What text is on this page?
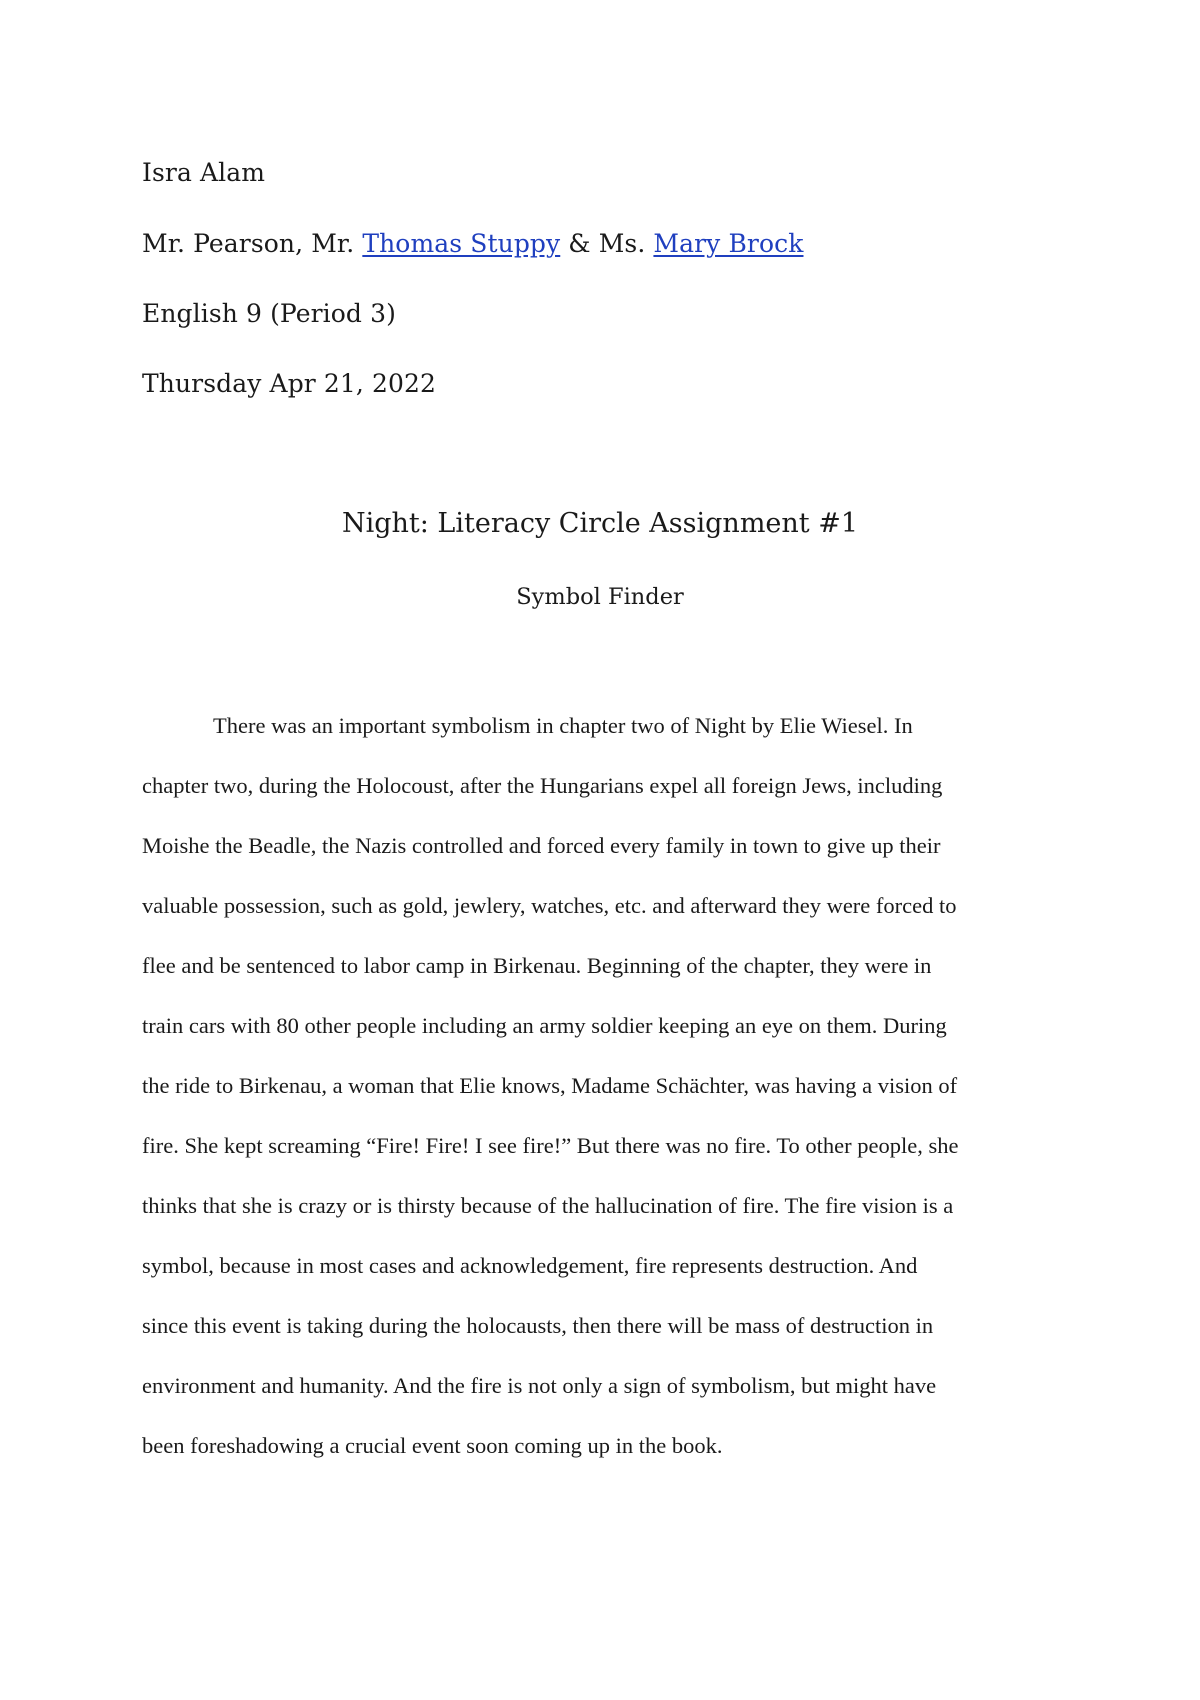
Isra Alam
Mr. Pearson, Mr. Thomas Stuppy & Ms. Mary Brock
English 9 (Period 3)
Thursday Apr 21, 2022
Night: Literacy Circle Assignment #1
Symbol Finder
There was an important symbolism in chapter two of Night by Elie Wiesel. In
chapter two, during the Holocoust, after the Hungarians expel all foreign Jews, including
Moishe the Beadle, the Nazis controlled and forced every family in town to give up their
valuable possession, such as gold, jewlery, watches, etc. and afterward they were forced to
flee and be sentenced to labor camp in Birkenau. Beginning of the chapter, they were in
train cars with 80 other people including an army soldier keeping an eye on them. During
the ride to Birkenau, a woman that Elie knows, Madame Schächter, was having a vision of
fire. She kept screaming “Fire! Fire! I see fire!” But there was no fire. To other people, she
thinks that she is crazy or is thirsty because of the hallucination of fire. The fire vision is a
symbol, because in most cases and acknowledgement, fire represents destruction. And
since this event is taking during the holocausts, then there will be mass of destruction in
environment and humanity. And the fire is not only a sign of symbolism, but might have
been foreshadowing a crucial event soon coming up in the book.
